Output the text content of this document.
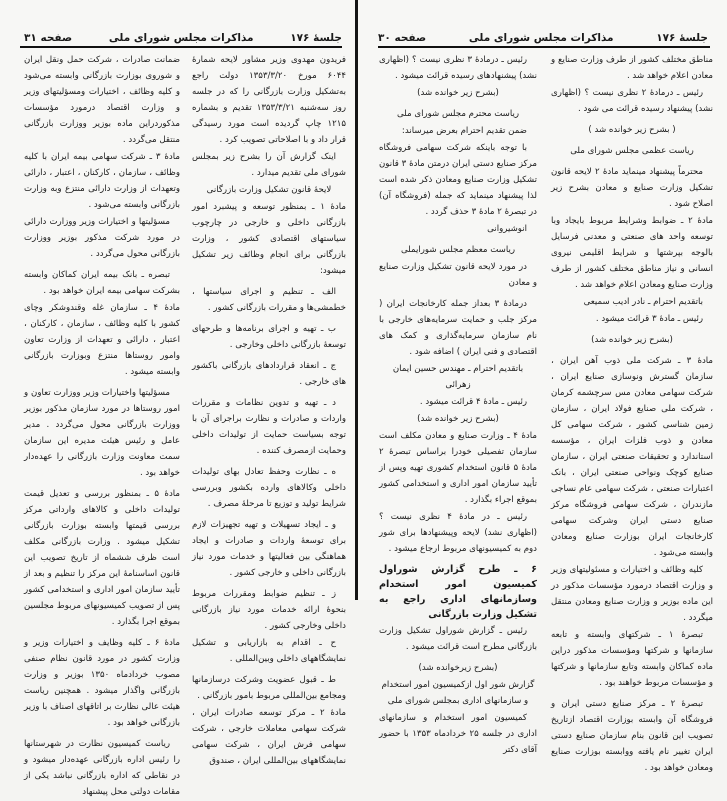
جلسهٔ ۱۷۶
مذاکرات مجلس شورای ملی
صفحه ۳۱

فریدون مهدوی وزیر مشاور لایحه شمارهٔ ۶۰۴۴ مورخ ۱۳۵۳/۳/۲۰ دولت راجع به‌تشکیل وزارت بازرگانی را که در جلسه روز سه‌شنبه ۱۳۵۳/۳/۲۱ تقدیم و بشماره ۱۲۱۵ چاپ گردیده است مورد رسیدگی قرار داد و با اصلاحاتی تصویب کرد .

اینک گزارش آن را بشرح زیر بمجلس شورای ملی تقدیم میدارد .

لایحهٔ قانون تشکیل وزارت بازرگانی

مادهٔ ۱ ـ بمنظور توسعه و پیشبرد امور بازرگانی داخلی و خارجی در چارچوب سیاستهای اقتصادی کشور ، وزارت بازرگانی برای انجام وظائف زیر تشکیل میشود:

الف ـ تنظیم و اجرای سیاستها ، خطمشی‌ها و مقررات بازرگانی کشور .

ب ـ تهیه و اجرای برنامه‌ها و طرحهای توسعهٔ بازرگانی داخلی وخارجی .

ج ـ انعقاد قراردادهای بازرگانی باکشور های خارجی .

د ـ تهیه و تدوین نظامات و مقررات واردات و صادرات و نظارت براجرای آن با توجه بسیاست حمایت از تولیدات داخلی وحمایت ازمصرف کننده .

ه ـ نظارت وحفظ تعادل بهای تولیدات داخلی وکالاهای وارده بکشور وبررسی شرایط تولید و توزیع تا مرحلهٔ مصرف .

و ـ ایجاد تسهیلات و تهیه تجهیزات لازم برای توسعهٔ واردات و صادرات و ایجاد هماهنگی بین فعالیتها و خدمات مورد نیاز بازرگانی داخلی و خارجی کشور .

ز ـ تنظیم ضوابط ومقررات مربوط بنحوهٔ ارائه خدمات مورد نیاز بازرگانی داخلی وخارجی کشور .

ح ـ اقدام به بازاریابی و تشکیل نمایشگاههای داخلی وبین‌المللی .

ط ـ قبول عضویت وشرکت درسازمانها ومجامع بین‌المللی مربوط بامور بازرگانی .

مادهٔ ۲ ـ مرکز توسعه صادرات ایران ، شرکت سهامی معاملات خارجی ، شرکت سهامی فرش ایران ، شرکت سهامی نمایشگاههای بین‌المللی ایران ، صندوق

ضمانت صادرات ، شرکت حمل ونقل ایران و شوروی بوزارت بازرگانی وابسته می‌شود و کلیه وظائف ، اختیارات ومسؤلیتهای وزیر و وزارت اقتصاد درمورد مؤسسات مذکوردراین ماده بوزیر ووزارت بازرگانی منتقل می‌گردد .

مادهٔ ۳ ـ شرکت سهامی بیمه ایران با کلیه وظائف ، سازمان ، کارکنان ، اعتبار ، دارائی وتعهدات از وزارت دارائی منتزع وبه وزارت بازرگانی وابسته می‌شود .

مسؤلیتها و اختیارات وزیر ووزارت دارائی در مورد شرکت مذکور بوزیر ووزارت بازرگانی محول می‌گردد .

تبصره ـ بانک بیمه ایران کماکان وابسته بشرکت سهامی بیمه ایران خواهد بود .

مادهٔ ۴ ـ سازمان غله وقندوشکر وچای کشور با کلیه وظائف ، سازمان ، کارکنان ، اعتبار ، دارائی و تعهدات از وزارت تعاون وامور روستاها منتزع وبوزارت بازرگانی وابسته میشود .

مسؤلیتها واختیارات وزیر ووزارت تعاون و امور روستاها در مورد سازمان مذکور بوزیر ووزارت بازرگانی محول می‌گردد . مدیر عامل و رئیس هیئت مدیره این سازمان سمت معاونت وزارت بازرگانی را عهده‌دار خواهد بود .

مادهٔ ۵ ـ بمنظور بررسی و تعدیل قیمت تولیدات داخلی و کالاهای وارداتی مرکز بررسی قیمتها وابسته بوزارت بازرگانی تشکیل میشود . وزارت بازرگانی مکلف است ظرف ششماه از تاریخ تصویب این قانون اساسنامهٔ این مرکز را تنظیم و بعد از تأیید سازمان امور اداری و استخدامی کشور پس از تصویب کمیسیونهای مربوط مجلسین بموقع اجرا بگذارد .

مادهٔ ۶ ـ کلیه وظایف و اختیارات وزیر و وزارت کشور در مورد قانون نظام صنفی مصوب خردادماه ۱۳۵۰ بوزیر و وزارت بازرگانی واگذار میشود . همچنین ریاست هیئت عالی نظارت بر اتاقهای اصناف با وزیر بازرگانی خواهد بود .

ریاست کمیسیون نظارت در شهرستانها را رئیس اداره بازرگانی عهده‌دار میشود و در نقاطی که اداره بازرگانی نباشد یکی از مقامات دولتی محل پیشنهاد

جلسهٔ ۱۷۶
مذاکرات مجلس شورای ملی
صفحه ۳۰

مناطق مختلف کشور از طرف وزارت صنایع و معادن اعلام خواهد شد .

رئیس ـ درمادهٔ ۲ نظری نیست ؟ (اظهاری نشد) پیشنهاد رسیده قرائت می شود .

( بشرح زیر خوانده شد )

ریاست عظمی مجلس شورای ملی

محترماً پیشنهاد مینماید مادهٔ ۲ لایحه قانون تشکیل وزارت صنایع و معادن بشرح زیر اصلاح شود .

مادهٔ ۲ ـ ضوابط وشرایط مربوط بایجاد وبا توسعه واحد های صنعتی و معدنی فرسایل بالوجه بپرشتها و شرایط اقلیمی نیروی انسانی و نیاز مناطق مختلف کشور از طرف وزارت صنایع ومعادن اعلام خواهد شد .

باتقدیم احترام ـ نادر ادیب سمیعی

رئیس ـ مادهٔ ۳ قرائت میشود .

(بشرح زیر خوانده شد)

مادهٔ ۳ ـ شرکت ملی ذوب آهن ایران ، سازمان گسترش ونوسازی صنایع ایران ، شرکت سهامی معادن مس سرچشمه کرمان ، شرکت ملی صنایع فولاد ایران ، سازمان زمین شناسی کشور ، شرکت سهامی کل معادن و ذوب فلزات ایران ، مؤسسه استاندارد و تحقیقات صنعتی ایران ، سازمان صنایع کوچک ونواحی صنعتی ایران ، بانک اعتبارات صنعتی ، شرکت سهامی عام نساجی مازندران ، شرکت سهامی فروشگاه مرکز صنایع دستی ایران وشرکت سهامی کارخانجات ایران بوزارت صنایع ومعادن وابسته می‌شود .

کلیه وظائف و اختیارات و مسئولیتهای وزیر و وزارت اقتصاد درمورد مؤسسات مذکور در این ماده بوزیر و وزارت صنایع ومعادن منتقل میگردد .

تبصرهٔ ۱ ـ شرکتهای وابسته و تابعه سازمانها و شرکتها ومؤسسات مذکور دراین ماده کماکان وابسته وتابع سازمانها و شرکتها و مؤسسات مربوط خواهند بود .

تبصرهٔ ۲ ـ مرکز صنایع دستی ایران و فروشگاه آن وابسته بوزارت اقتصاد ازتاریخ تصویب این قانون بنام سازمان صنایع دستی ایران تغییر نام یافته ووابسته بوزارت صنایع ومعادن خواهد بود .

رئیس ـ درمادهٔ ۳ نظری نیست ؟ (اظهاری نشد) پیشنهادهای رسیده قرائت میشود .

(بشرح زیر خوانده شد)

ریاست محترم مجلس شورای ملی

ضمن تقدیم احترام بعرض میرساند:

با توجه باینکه شرکت سهامی فروشگاه مرکز صنایع دستی ایران درمتن مادهٔ ۳ قانون تشکیل وزارت صنایع ومعادن ذکر شده است لذا پیشنهاد مینماید که جمله (فروشگاه آن) در تبصرهٔ ۲ مادهٔ ۳ حذف گردد .

انوشیروانی

ریاست معظم مجلس شورایملی

در مورد لایحه قانون تشکیل وزارت صنایع و معادن

درمادهٔ ۳ بعداز جمله کارخانجات ایران ( مرکز جلب و حمایت سرمایه‌های خارجی با نام سازمان سرمایه‌گذاری و کمک های اقتصادی و فنی ایران ) اضافه شود .

باتقدیم احترام ـ مهندس حسین ایمان زهرائی

رئیس ـ مادهٔ ۴ قرائت میشود .

(بشرح زیر خوانده شد)

مادهٔ ۴ ـ وزارت صنایع و معادن مکلف است سازمان تفصیلی خودرا براساس تبصرهٔ ۲ مادهٔ ۵ قانون استخدام کشوری تهیه وپس از تأیید سازمان امور اداری و استخدامی کشور بموقع اجراء بگذارد .

رئیس ـ در مادهٔ ۴ نظری نیست ؟ (اظهاری نشد) لایحه وپیشنهادها برای شور دوم به کمیسیونهای مربوط ارجاع میشود .

۶ ـ طرح گزارش شوراول کمیسیون امور استخدام وسازمانهای اداری راجع به تشکیل وزارت بازرگانی

رئیس ـ گزارش شوراول تشکیل وزارت بازرگانی مطرح است قرائت میشود .

(بشرح زیرخوانده شد)

گزارش شور اول ازکمیسیون امور استخدام و سازمانهای اداری بمجلس شورای ملی

کمیسیون امور استخدام و سازمانهای اداری در جلسه ۲۵ خردادماه ۱۳۵۳ با حضور آقای دکتر
